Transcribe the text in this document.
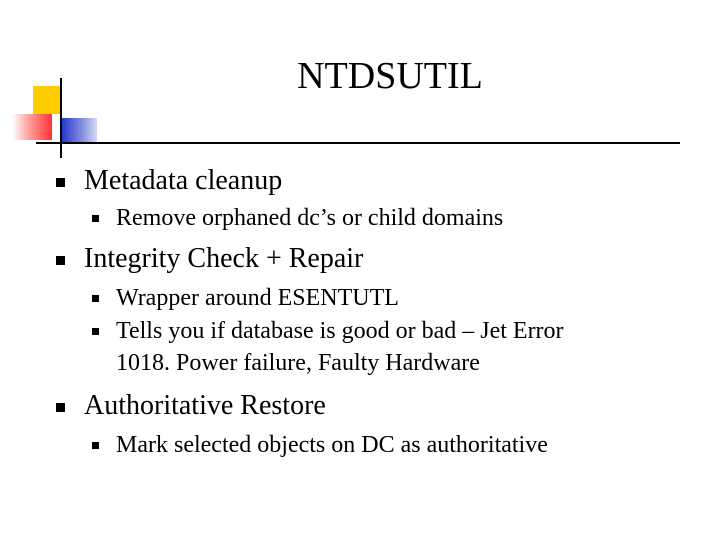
NTDSUTIL
Metadata cleanup
Remove orphaned dc’s or child domains
Integrity Check + Repair
Wrapper around ESENTUTL
Tells you if database is good or bad – Jet Error
1018. Power failure, Faulty Hardware
Authoritative Restore
Mark selected objects on DC as authoritative
